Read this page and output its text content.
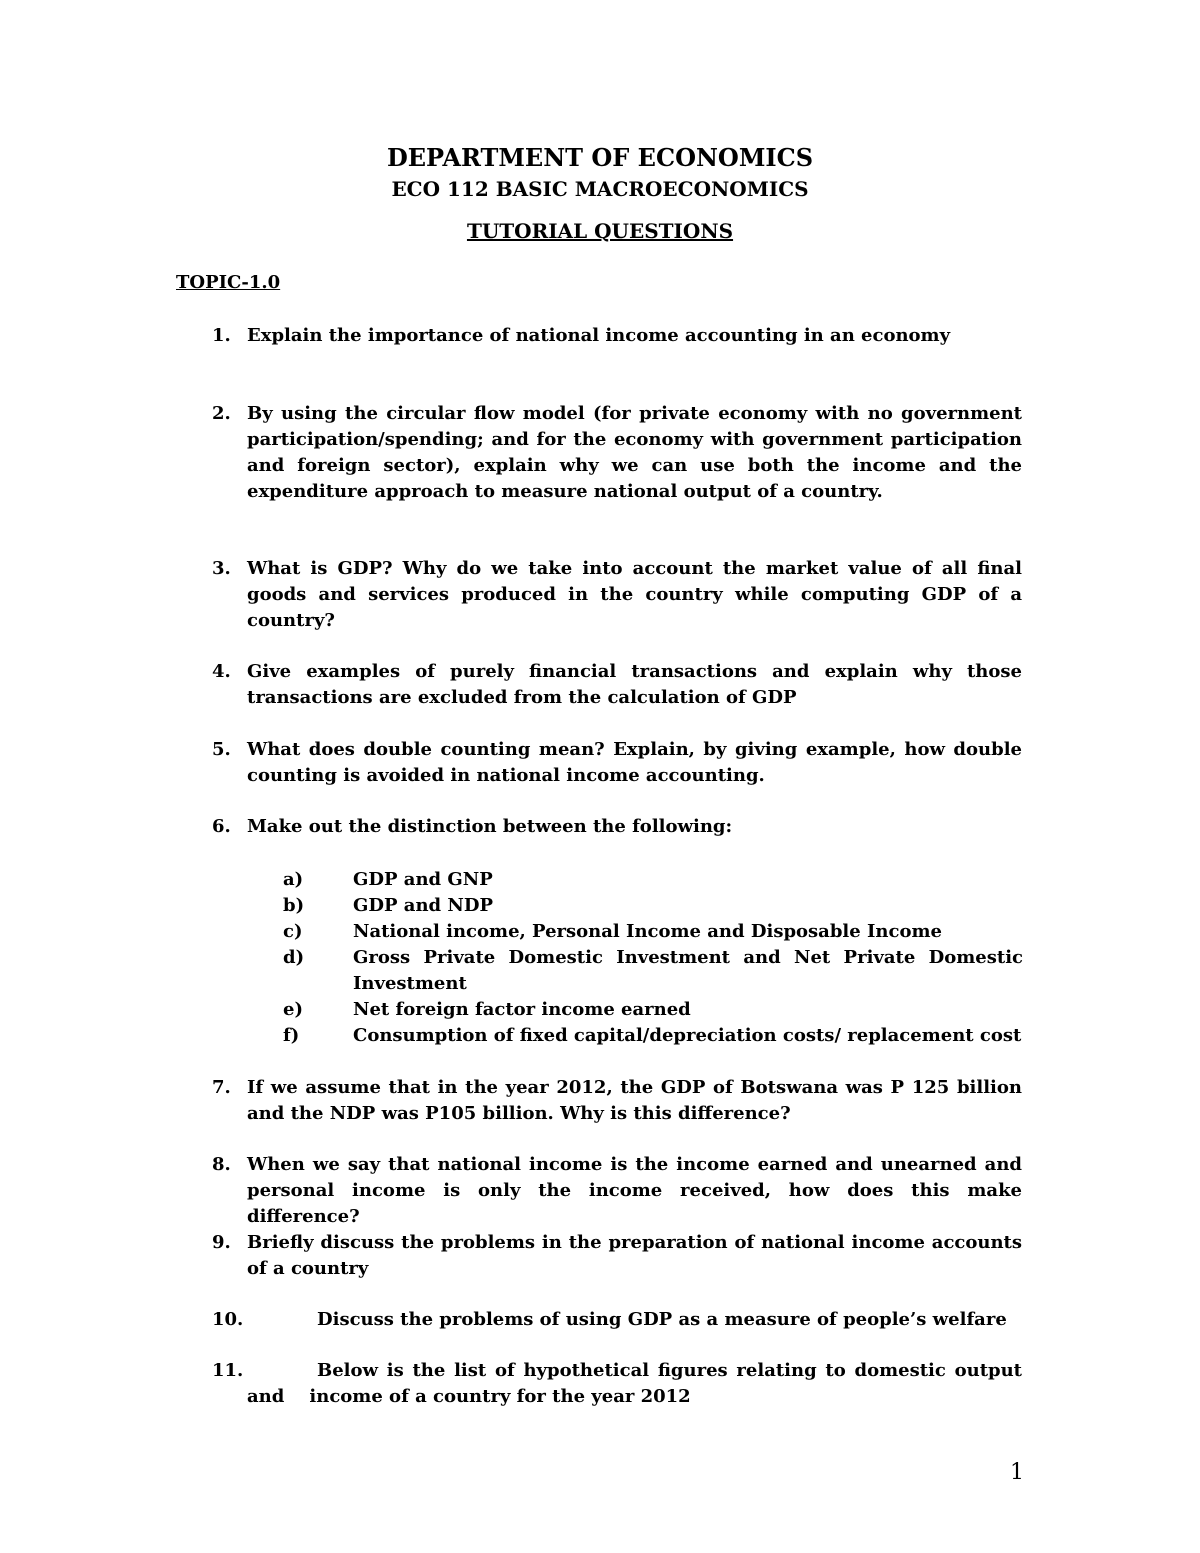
DEPARTMENT OF ECONOMICS
ECO 112 BASIC MACROECONOMICS
TUTORIAL QUESTIONS
TOPIC-1.0
1. Explain the importance of national income accounting in an economy
2. By using the circular flow model (for private economy with no government participation/spending; and for the economy with government participation and foreign sector), explain why we can use both the income and the expenditure approach to measure national output of a country.
3. What is GDP? Why do we take into account the market value of all final goods and services produced in the country while computing GDP of a country?
4. Give examples of purely financial transactions and explain why those transactions are excluded from the calculation of GDP
5. What does double counting mean? Explain, by giving example, how double counting is avoided in national income accounting.
6. Make out the distinction between the following:
a)	GDP and GNP
b)	GDP and NDP
c)	National income, Personal Income and Disposable Income
d)	Gross Private Domestic Investment and Net Private Domestic Investment
e)	Net foreign factor income earned
f)	Consumption of fixed capital/depreciation costs/ replacement cost
7. If we assume that in the year 2012, the GDP of Botswana was P 125 billion and the NDP was P105 billion. Why is this difference?
8. When we say that national income is the income earned and unearned and personal income is only the income received, how does this make difference?
9. Briefly discuss the problems in the preparation of national income accounts of a country
10.	Discuss the problems of using GDP as a measure of people’s welfare
11.	Below is the list of hypothetical figures relating to domestic output and    income of a country for the year 2012
1
